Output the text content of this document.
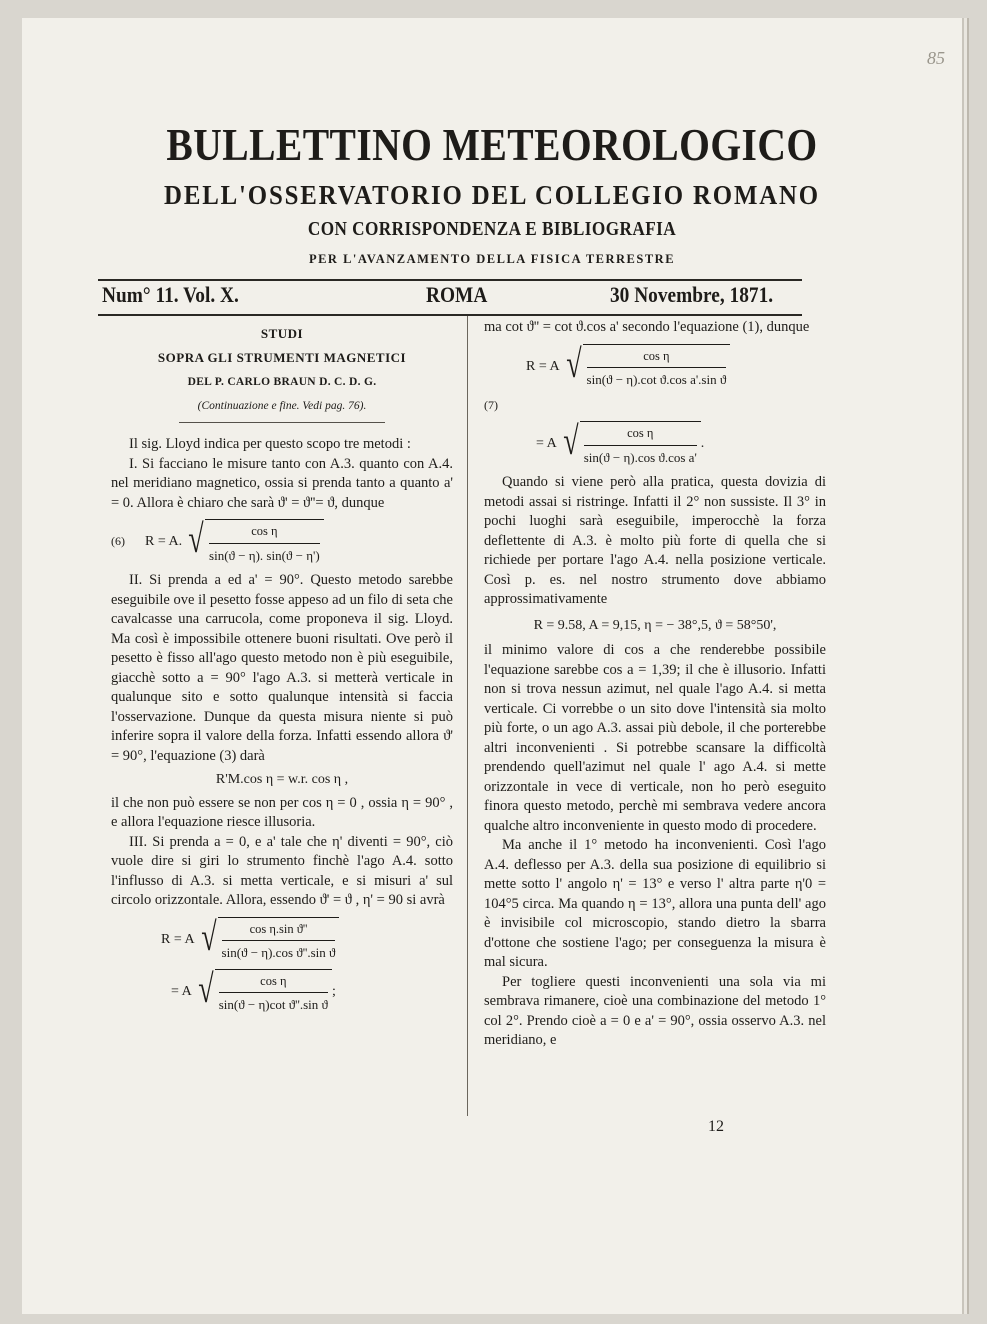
85
BULLETTINO METEOROLOGICO
DELL'OSSERVATORIO DEL COLLEGIO ROMANO
CON CORRISPONDENZA E BIBLIOGRAFIA
PER L'AVANZAMENTO DELLA FISICA TERRESTRE
Num° 11. Vol. X.	ROMA	30 Novembre, 1871.

STUDI

SOPRA GLI STRUMENTI MAGNETICI

DEL P. CARLO BRAUN D. C. D. G.

(Continuazione e fine. Vedi pag. 76).

Il sig. Lloyd indica per questo scopo tre metodi :

I. Si facciano le misure tanto con A.3. quanto con A.4. nel meridiano magnetico, ossia si prenda tanto a quanto a' = 0. Allora è chiaro che sarà ϑ' = ϑ''= ϑ, dunque

(6)	R = A. √ $\frac{\text{cos η}}{\sin(ϑ - \eta). \sin(ϑ - \eta')}$

II. Si prenda a ed a' = 90°. Questo metodo sarebbe eseguibile ove il pesetto fosse appeso ad un filo di seta che cavalcasse una carrucola, come proponeva il sig. Lloyd. Ma così è impossibile ottenere buoni risultati. Ove però il pesetto è fisso all'ago questo metodo non è più eseguibile, giacchè sotto a = 90° l'ago A.3. si metterà verticale in qualunque sito e sotto qualunque intensità si faccia l'osservazione. Dunque da questa misura niente si può inferire sopra il valore della forza. Infatti essendo allora ϑ' = 90°, l'equazione (3) darà

R'M.cos η = w.r. cos η ,

il che non può essere se non per cos η = 0 , ossia η = 90° , e allora l'equazione riesce illusoria.

III. Si prenda a = 0, e a' tale che η' diventi = 90°, ciò vuole dire si giri lo strumento finchè l'ago A.4. sotto l'influsso di A.3. si metta verticale, e si misuri a' sul circolo orizzontale. Allora, essendo ϑ' = ϑ , η' = 90 si avrà

R = A √ $\frac{\text{cos η.sin ϑ''}}{\text{sin(ϑ − η).cos ϑ''.sin ϑ}}$
= A √ $\frac{\text{cos η}}{\text{sin(ϑ − η)cot ϑ''.sin ϑ}}$ ;

ma cot ϑ'' = cot ϑ.cos a' secondo l'equazione (1), dunque

R = A √ $\frac{\text{cos η}}{\text{sin(ϑ − η).cot ϑ.cos a'.sin ϑ}}$

(7)

= A √ $\frac{\text{cos η}}{\text{sin(ϑ − η).cos ϑ.cos a'}}$ .

Quando si viene però alla pratica, questa dovizia di metodi assai si ristringe. Infatti il 2° non sussiste. Il 3° in pochi luoghi sarà eseguibile, imperocchè la forza deflettente di A.3. è molto più forte di quella che si richiede per portare l'ago A.4. nella posizione verticale. Così p. es. nel nostro strumento dove abbiamo approssimativamente

R = 9.58, A = 9,15, η = − 38°,5, ϑ = 58°50',

il minimo valore di cos a che renderebbe possibile l'equazione sarebbe cos a = 1,39; il che è illusorio. Infatti non si trova nessun azimut, nel quale l'ago A.4. si metta verticale. Ci vorrebbe o un sito dove l'intensità sia molto più forte, o un ago A.3. assai più debole, il che porterebbe altri inconvenienti . Si potrebbe scansare la difficoltà prendendo quell'azimut nel quale l' ago A.4. si mette orizzontale in vece di verticale, non ho però eseguito finora questo metodo, perchè mi sembrava vedere ancora qualche altro inconveniente in questo modo di procedere.

Ma anche il 1° metodo ha inconvenienti. Così l'ago A.4. deflesso per A.3. della sua posizione di equilibrio si mette sotto l' angolo η' = 13° e verso l' altra parte η'0 = 104°5 circa. Ma quando η = 13°, allora una punta dell' ago è invisibile col microscopio, stando dietro la sbarra d'ottone che sostiene l'ago; per conseguenza la misura è mal sicura.

Per togliere questi inconvenienti una sola via mi sembrava rimanere, cioè una combinazione del metodo 1° col 2°. Prendo cioè a = 0 e a' = 90°, ossia osservo A.3. nel meridiano, e

12
